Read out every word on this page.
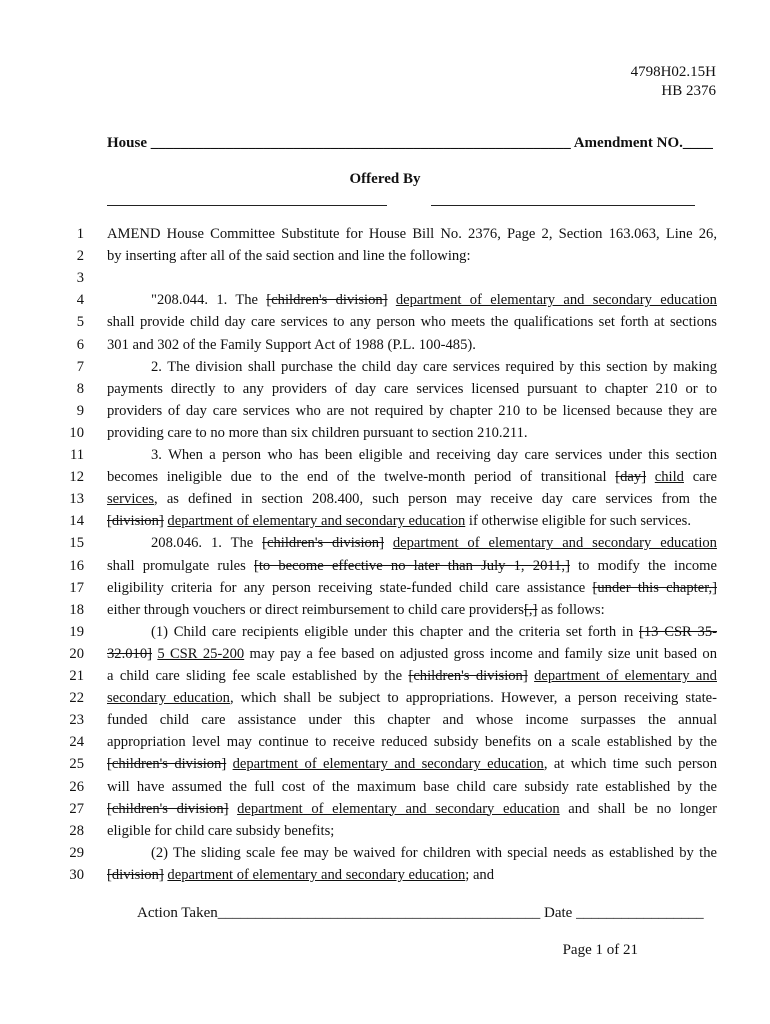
4798H02.15H
HB 2376
House ________________________________________________________ Amendment NO.____
Offered By
1 AMEND House Committee Substitute for House Bill No. 2376, Page 2, Section 163.063, Line 26,
2 by inserting after all of the said section and line the following:
3
4	"208.044. 1. The [children's division] department of elementary and secondary education
5 shall provide child day care services to any person who meets the qualifications set forth at sections
6 301 and 302 of the Family Support Act of 1988 (P.L. 100-485).
7	2. The division shall purchase the child day care services required by this section by making
8 payments directly to any providers of day care services licensed pursuant to chapter 210 or to
9 providers of day care services who are not required by chapter 210 to be licensed because they are
10 providing care to no more than six children pursuant to section 210.211.
11	3. When a person who has been eligible and receiving day care services under this section
12 becomes ineligible due to the end of the twelve-month period of transitional [day] child care
13 services, as defined in section 208.400, such person may receive day care services from the
14 [division] department of elementary and secondary education if otherwise eligible for such services.
15	208.046. 1. The [children's division] department of elementary and secondary education
16 shall promulgate rules [to become effective no later than July 1, 2011,] to modify the income
17 eligibility criteria for any person receiving state-funded child care assistance [under this chapter,]
18 either through vouchers or direct reimbursement to child care providers[,] as follows:
19	(1) Child care recipients eligible under this chapter and the criteria set forth in [13 CSR 35-
20 32.010] 5 CSR 25-200 may pay a fee based on adjusted gross income and family size unit based on
21 a child care sliding fee scale established by the [children's division] department of elementary and
22 secondary education, which shall be subject to appropriations. However, a person receiving state-
23 funded child care assistance under this chapter and whose income surpasses the annual
24 appropriation level may continue to receive reduced subsidy benefits on a scale established by the
25 [children's division] department of elementary and secondary education, at which time such person
26 will have assumed the full cost of the maximum base child care subsidy rate established by the
27 [children's division] department of elementary and secondary education and shall be no longer
28 eligible for child care subsidy benefits;
29	(2) The sliding scale fee may be waived for children with special needs as established by the
30 [division] department of elementary and secondary education; and
Action Taken___________________________________________ Date _________________
Page 1 of 21
